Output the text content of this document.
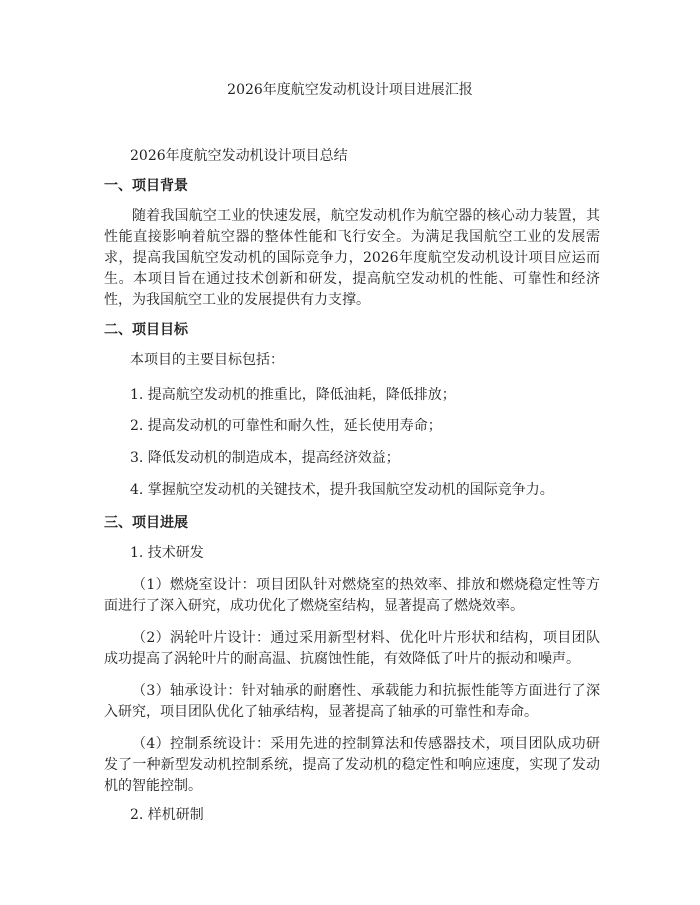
2026年度航空发动机设计项目进展汇报
2026年度航空发动机设计项目总结
一、项目背景
随着我国航空工业的快速发展，航空发动机作为航空器的核心动力装置，其性能直接影响着航空器的整体性能和飞行安全。为满足我国航空工业的发展需求，提高我国航空发动机的国际竞争力，2026年度航空发动机设计项目应运而生。本项目旨在通过技术创新和研发，提高航空发动机的性能、可靠性和经济性，为我国航空工业的发展提供有力支撑。
二、项目目标
本项目的主要目标包括：
1. 提高航空发动机的推重比，降低油耗，降低排放；
2. 提高发动机的可靠性和耐久性，延长使用寿命；
3. 降低发动机的制造成本，提高经济效益；
4. 掌握航空发动机的关键技术，提升我国航空发动机的国际竞争力。
三、项目进展
1. 技术研发
（1）燃烧室设计：项目团队针对燃烧室的热效率、排放和燃烧稳定性等方面进行了深入研究，成功优化了燃烧室结构，显著提高了燃烧效率。
（2）涡轮叶片设计：通过采用新型材料、优化叶片形状和结构，项目团队成功提高了涡轮叶片的耐高温、抗腐蚀性能，有效降低了叶片的振动和噪声。
（3）轴承设计：针对轴承的耐磨性、承载能力和抗振性能等方面进行了深入研究，项目团队优化了轴承结构，显著提高了轴承的可靠性和寿命。
（4）控制系统设计：采用先进的控制算法和传感器技术，项目团队成功研发了一种新型发动机控制系统，提高了发动机的稳定性和响应速度，实现了发动机的智能控制。
2. 样机研制
